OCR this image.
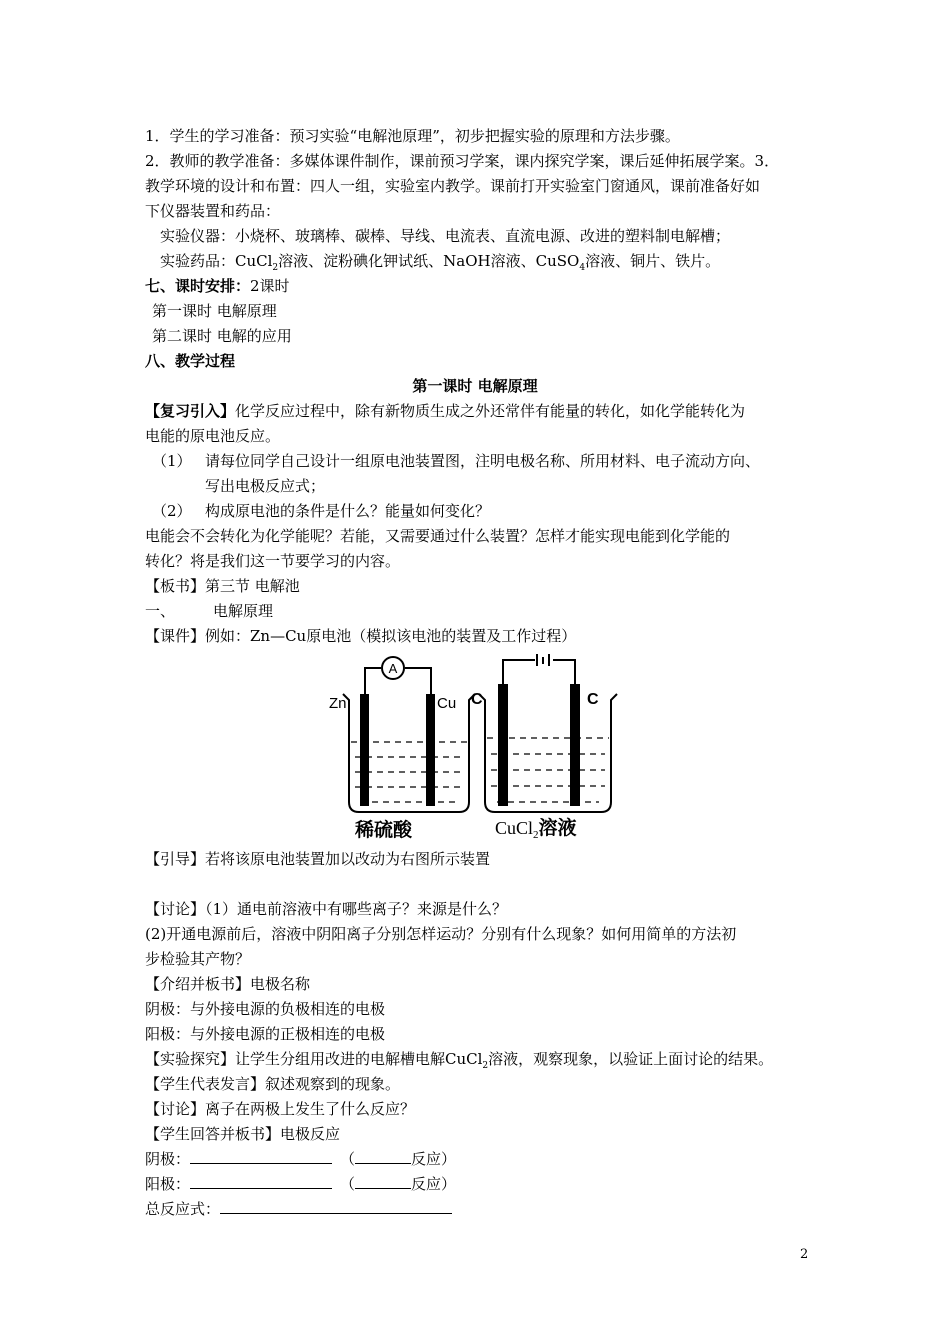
1．学生的学习准备：预习实验“电解池原理”，初步把握实验的原理和方法步骤。
2．教师的教学准备：多媒体课件制作，课前预习学案，课内探究学案，课后延伸拓展学案。3．
教学环境的设计和布置：四人一组，实验室内教学。课前打开实验室门窗通风，课前准备好如
下仪器装置和药品：
实验仪器：小烧杯、玻璃棒、碳棒、导线、电流表、直流电源、改进的塑料制电解槽；
实验药品：CuCl$_2$溶液、淀粉碘化钾试纸、NaOH溶液、CuSO$_4$溶液、铜片、铁片。
七、课时安排：2课时
第一课时 电解原理
第二课时 电解的应用
八、教学过程
第一课时 电解原理
【复习引入】化学反应过程中，除有新物质生成之外还常伴有能量的转化，如化学能转化为
电能的原电池反应。
（1） 请每位同学自己设计一组原电池装置图，注明电极名称、所用材料、电子流动方向、
写出电极反应式；
（2） 构成原电池的条件是什么？能量如何变化？
电能会不会转化为化学能呢？若能，又需要通过什么装置？怎样才能实现电能到化学能的
转化？将是我们这一节要学习的内容。
【板书】第三节 电解池
一、	电解原理
【课件】例如：Zn—Cu原电池（模拟该电池的装置及工作过程）
A
Zn	Cu C	C
稀硫酸	CuCl$_2$溶液
【引导】若将该原电池装置加以改动为右图所示装置
【讨论】（1）通电前溶液中有哪些离子？来源是什么？
(2)开通电源前后，溶液中阴阳离子分别怎样运动？分别有什么现象？如何用简单的方法初
步检验其产物？
【介绍并板书】电极名称
阴极：与外接电源的负极相连的电极
阳极：与外接电源的正极相连的电极
【实验探究】让学生分组用改进的电解槽电解CuCl$_2$溶液，观察现象，以验证上面讨论的结果。
【学生代表发言】叙述观察到的现象。
【讨论】离子在两极上发生了什么反应？
【学生回答并板书】电极反应
阴极：	（	反应）
阳极：	（	反应）
总反应式：
2
